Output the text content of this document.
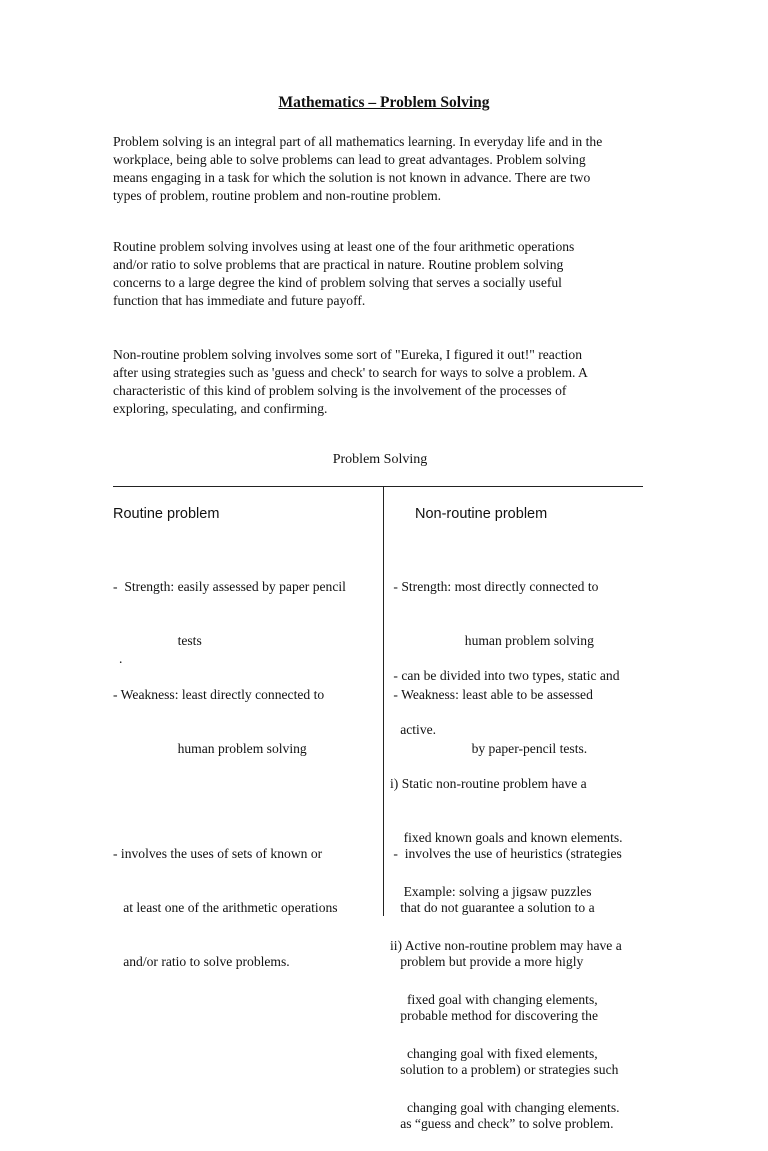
Mathematics – Problem Solving
Problem solving is an integral part of all mathematics learning. In everyday life and in the
workplace, being able to solve problems can lead to great advantages. Problem solving
means engaging in a task for which the solution is not known in advance. There are two
types of problem, routine problem and non-routine problem.
Routine problem solving involves using at least one of the four arithmetic operations
and/or ratio to solve problems that are practical in nature. Routine problem solving
concerns to a large degree the kind of problem solving that serves a socially useful
function that has immediate and future payoff.
Non-routine problem solving involves some sort of "Eureka, I figured it out!" reaction
after using strategies such as 'guess and check' to search for ways to solve a problem. A
characteristic of this kind of problem solving is the involvement of the processes of
exploring, speculating, and confirming.
Problem Solving
Routine problem	Non-routine problem

-  Strength: easily assessed by paper pencil

tests

- Weakness: least directly connected to

human problem solving

- Strength: most directly connected to

human problem solving

- Weakness: least able to be assessed

by paper-pencil tests.

.

- can be divided into two types, static and

active.

i) Static non-routine problem have a

fixed known goals and known elements.

Example: solving a jigsaw puzzles

ii) Active non-routine problem may have a

fixed goal with changing elements,

changing goal with fixed elements,

changing goal with changing elements.

- involves the uses of sets of known or

at least one of the arithmetic operations

and/or ratio to solve problems.

-  involves the use of heuristics (strategies

that do not guarantee a solution to a

problem but provide a more higly

probable method for discovering the

solution to a problem) or strategies such

as “guess and check” to solve problem.
